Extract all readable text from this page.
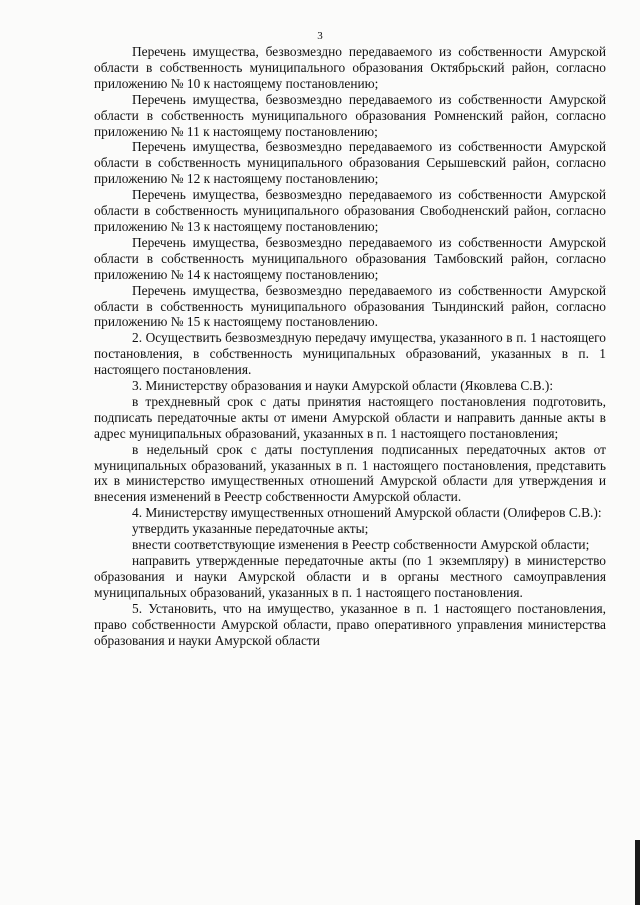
3

Перечень имущества, безвозмездно передаваемого из собственности Амурской области в собственность муниципального образования Октябрьский район, согласно приложению № 10 к настоящему постановлению;

Перечень имущества, безвозмездно передаваемого из собственности Амурской области в собственность муниципального образования Ромненский район, согласно приложению № 11 к настоящему постановлению;

Перечень имущества, безвозмездно передаваемого из собственности Амурской области в собственность муниципального образования Серышевский район, согласно приложению № 12 к настоящему постановлению;

Перечень имущества, безвозмездно передаваемого из собственности Амурской области в собственность муниципального образования Свободненский район, согласно приложению № 13 к настоящему постановлению;

Перечень имущества, безвозмездно передаваемого из собственности Амурской области в собственность муниципального образования Тамбовский район, согласно приложению № 14 к настоящему постановлению;

Перечень имущества, безвозмездно передаваемого из собственности Амурской области в собственность муниципального образования Тындинский район, согласно приложению № 15 к настоящему постановлению.

2. Осуществить безвозмездную передачу имущества, указанного в п. 1 настоящего постановления, в собственность муниципальных образований, указанных в п. 1 настоящего постановления.

3. Министерству образования и науки Амурской области (Яковлева С.В.):

в трехдневный срок с даты принятия настоящего постановления подготовить, подписать передаточные акты от имени Амурской области и направить данные акты в адрес муниципальных образований, указанных в п. 1 настоящего постановления;

в недельный срок с даты поступления подписанных передаточных актов от муниципальных образований, указанных в п. 1 настоящего постановления, представить их в министерство имущественных отношений Амурской области для утверждения и внесения изменений в Реестр собственности Амурской области.

4. Министерству имущественных отношений Амурской области (Олиферов С.В.):

утвердить указанные передаточные акты;

внести соответствующие изменения в Реестр собственности Амурской области;

направить утвержденные передаточные акты (по 1 экземпляру) в министерство образования и науки Амурской области и в органы местного самоуправления муниципальных образований, указанных в п. 1 настоящего постановления.

5. Установить, что на имущество, указанное в п. 1 настоящего постановления, право собственности Амурской области, право оперативного управления министерства образования и науки Амурской области
